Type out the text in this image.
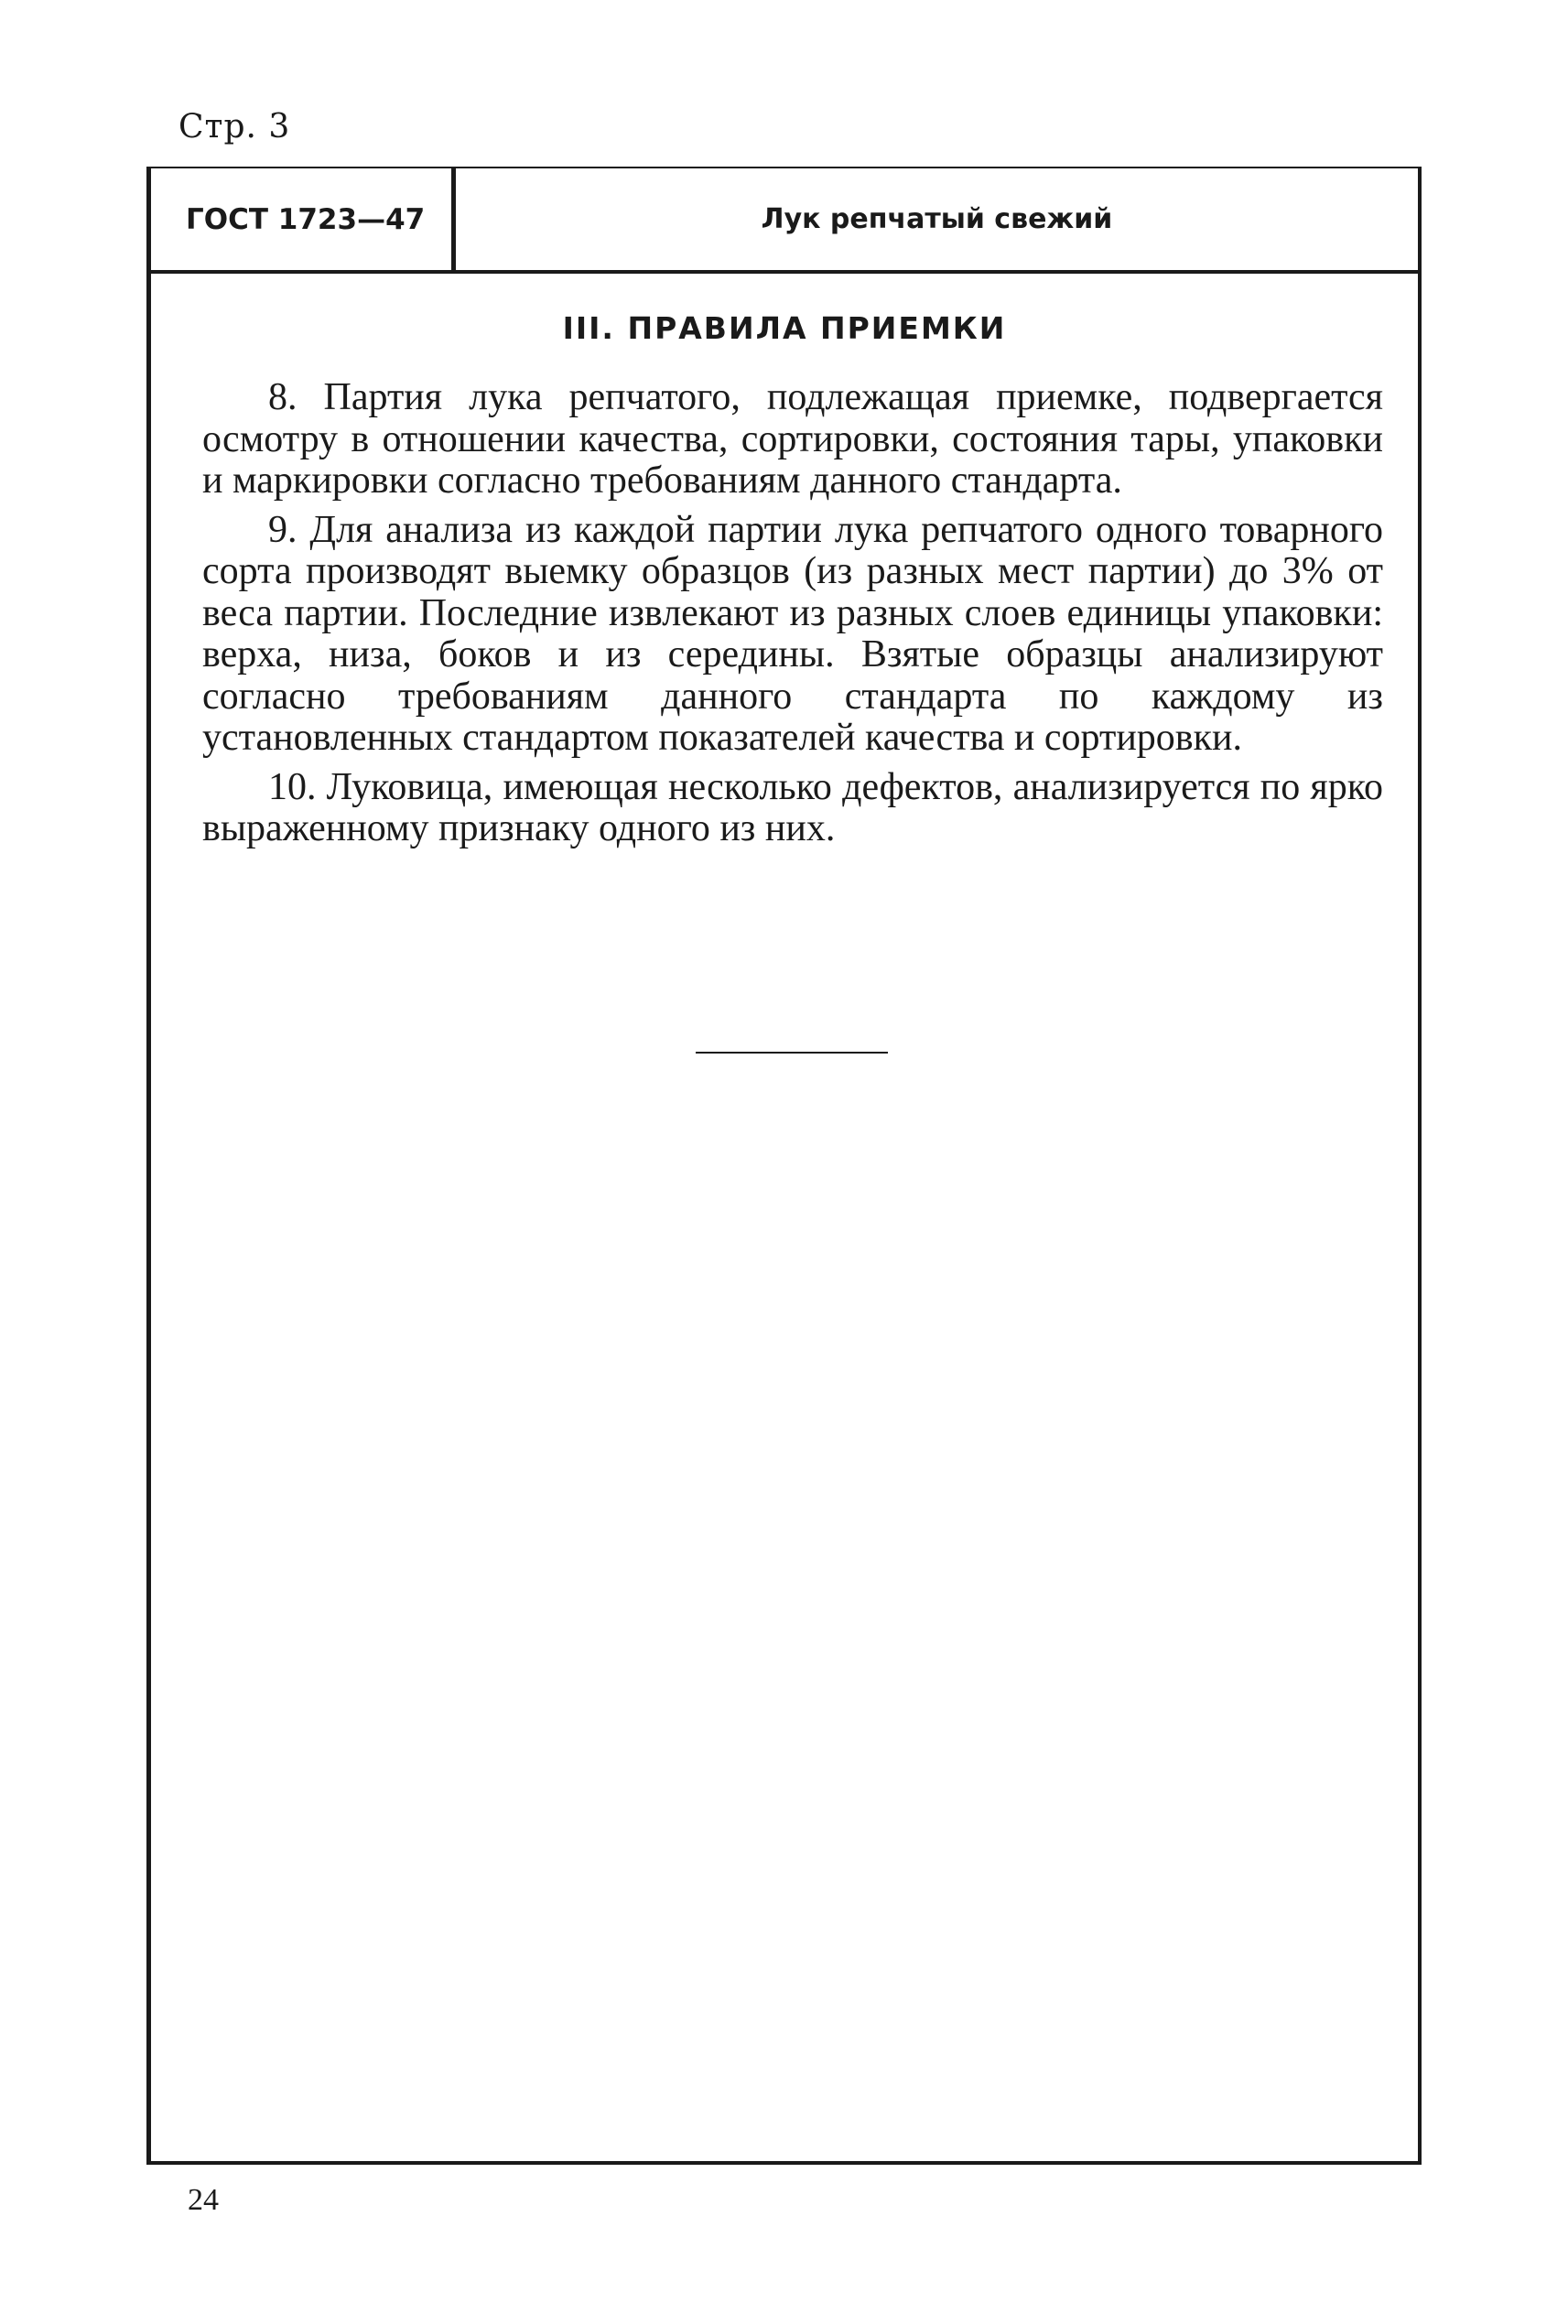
Стр. 3
ГОСТ 1723—47	Лук репчатый свежий
III. ПРАВИЛА ПРИЕМКИ

8. Партия лука репчатого, подлежащая приемке, подвергается осмотру в отношении качества, сортировки, состояния тары, упаковки и маркировки согласно требованиям данного стандарта.

9. Для анализа из каждой партии лука репчатого одного товарного сорта производят выемку образцов (из разных мест партии) до 3% от веса партии. Последние извлекают из разных слоев единицы упаковки: верха, низа, боков и из середины. Взятые образцы анализируют согласно требованиям данного стандарта по каждому из установленных стандартом показателей качества и сортировки.

10. Луковица, имеющая несколько дефектов, анализируется по ярко выраженному признаку одного из них.

24
